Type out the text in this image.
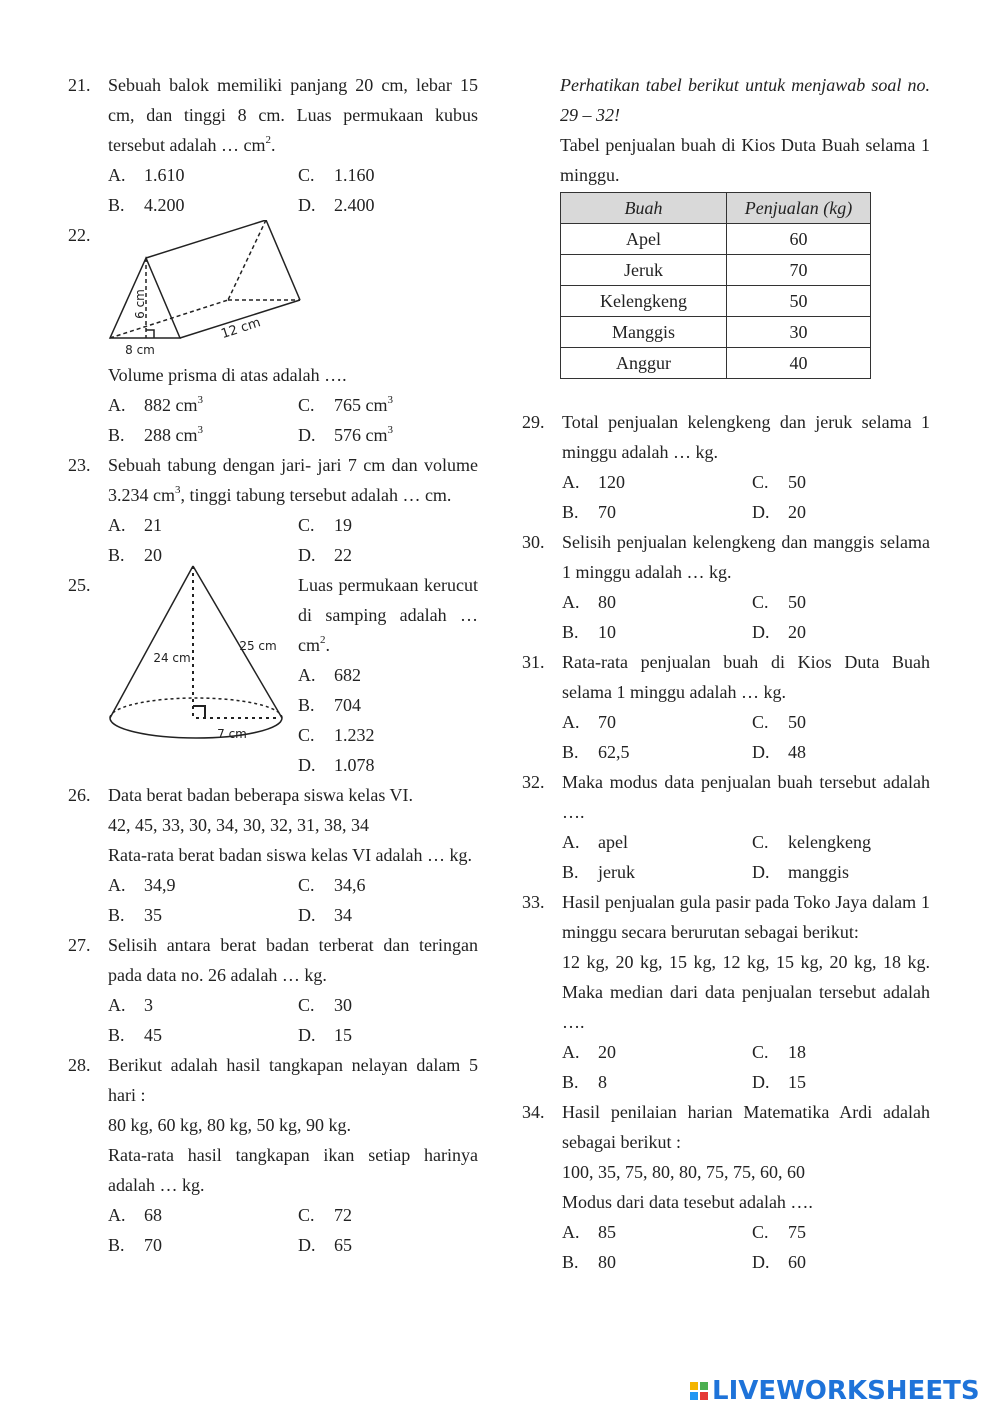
21. Sebuah balok memiliki panjang 20 cm, lebar 15 cm, dan tinggi 8 cm. Luas permukaan kubus tersebut adalah … $cm^2$.
A. 1.610	C. 1.160
B. 4.200	D. 2.400
22.
6 cm
8 cm
12 cm
Volume prisma di atas adalah ….
A. 882 $cm^3$	C. 765 $cm^3$
B. 288 $cm^3$	D. 576 $cm^3$
23. Sebuah tabung dengan jari- jari 7 cm dan volume 3.234 $cm^3$, tinggi tabung tersebut adalah … cm.
A. 21	C. 19
B. 20	D. 22
25.
24 cm
25 cm
7 cm
Luas permukaan kerucut di samping adalah … $cm^2$.
A. 682
B. 704
C. 1.232
D. 1.078
26. Data berat badan beberapa siswa kelas VI.
42, 45, 33, 30, 34, 30, 32, 31, 38, 34
Rata-rata berat badan siswa kelas VI adalah … kg.
A. 34,9	C. 34,6
B. 35	D. 34
27. Selisih antara berat badan terberat dan teringan pada data no. 26 adalah … kg.
A. 3	C. 30
B. 45	D. 15
28. Berikut adalah hasil tangkapan nelayan dalam 5 hari :
80 kg, 60 kg, 80 kg, 50 kg, 90 kg.
Rata-rata hasil tangkapan ikan setiap harinya adalah … kg.
A. 68	C. 72
B. 70	D. 65
Perhatikan tabel berikut untuk menjawab soal no. 29 – 32!
Tabel penjualan buah di Kios Duta Buah selama 1 minggu.
Buah	Penjualan (kg)
Apel	60
Jeruk	70
Kelengkeng	50
Manggis	30
Anggur	40
29. Total penjualan kelengkeng dan jeruk selama 1 minggu adalah … kg.
A. 120	C. 50
B. 70	D. 20
30. Selisih penjualan kelengkeng dan manggis selama 1 minggu adalah … kg.
A. 80	C. 50
B. 10	D. 20
31. Rata-rata penjualan buah di Kios Duta Buah selama 1 minggu adalah … kg.
A. 70	C. 50
B. 62,5	D. 48
32. Maka modus data penjualan buah tersebut adalah ….
A. apel	C. kelengkeng
B. jeruk	D. manggis
33. Hasil penjualan gula pasir pada Toko Jaya dalam 1 minggu secara berurutan sebagai berikut:
12 kg, 20 kg, 15 kg, 12 kg, 15 kg, 20 kg, 18 kg. Maka median dari data penjualan tersebut adalah ….
A. 20	C. 18
B. 8	D. 15
34. Hasil penilaian harian Matematika Ardi adalah sebagai berikut :
100, 35, 75, 80, 80, 75, 75, 60, 60
Modus dari data tesebut adalah ….
A. 85	C. 75
B. 80	D. 60
LIVEWORKSHEETS
